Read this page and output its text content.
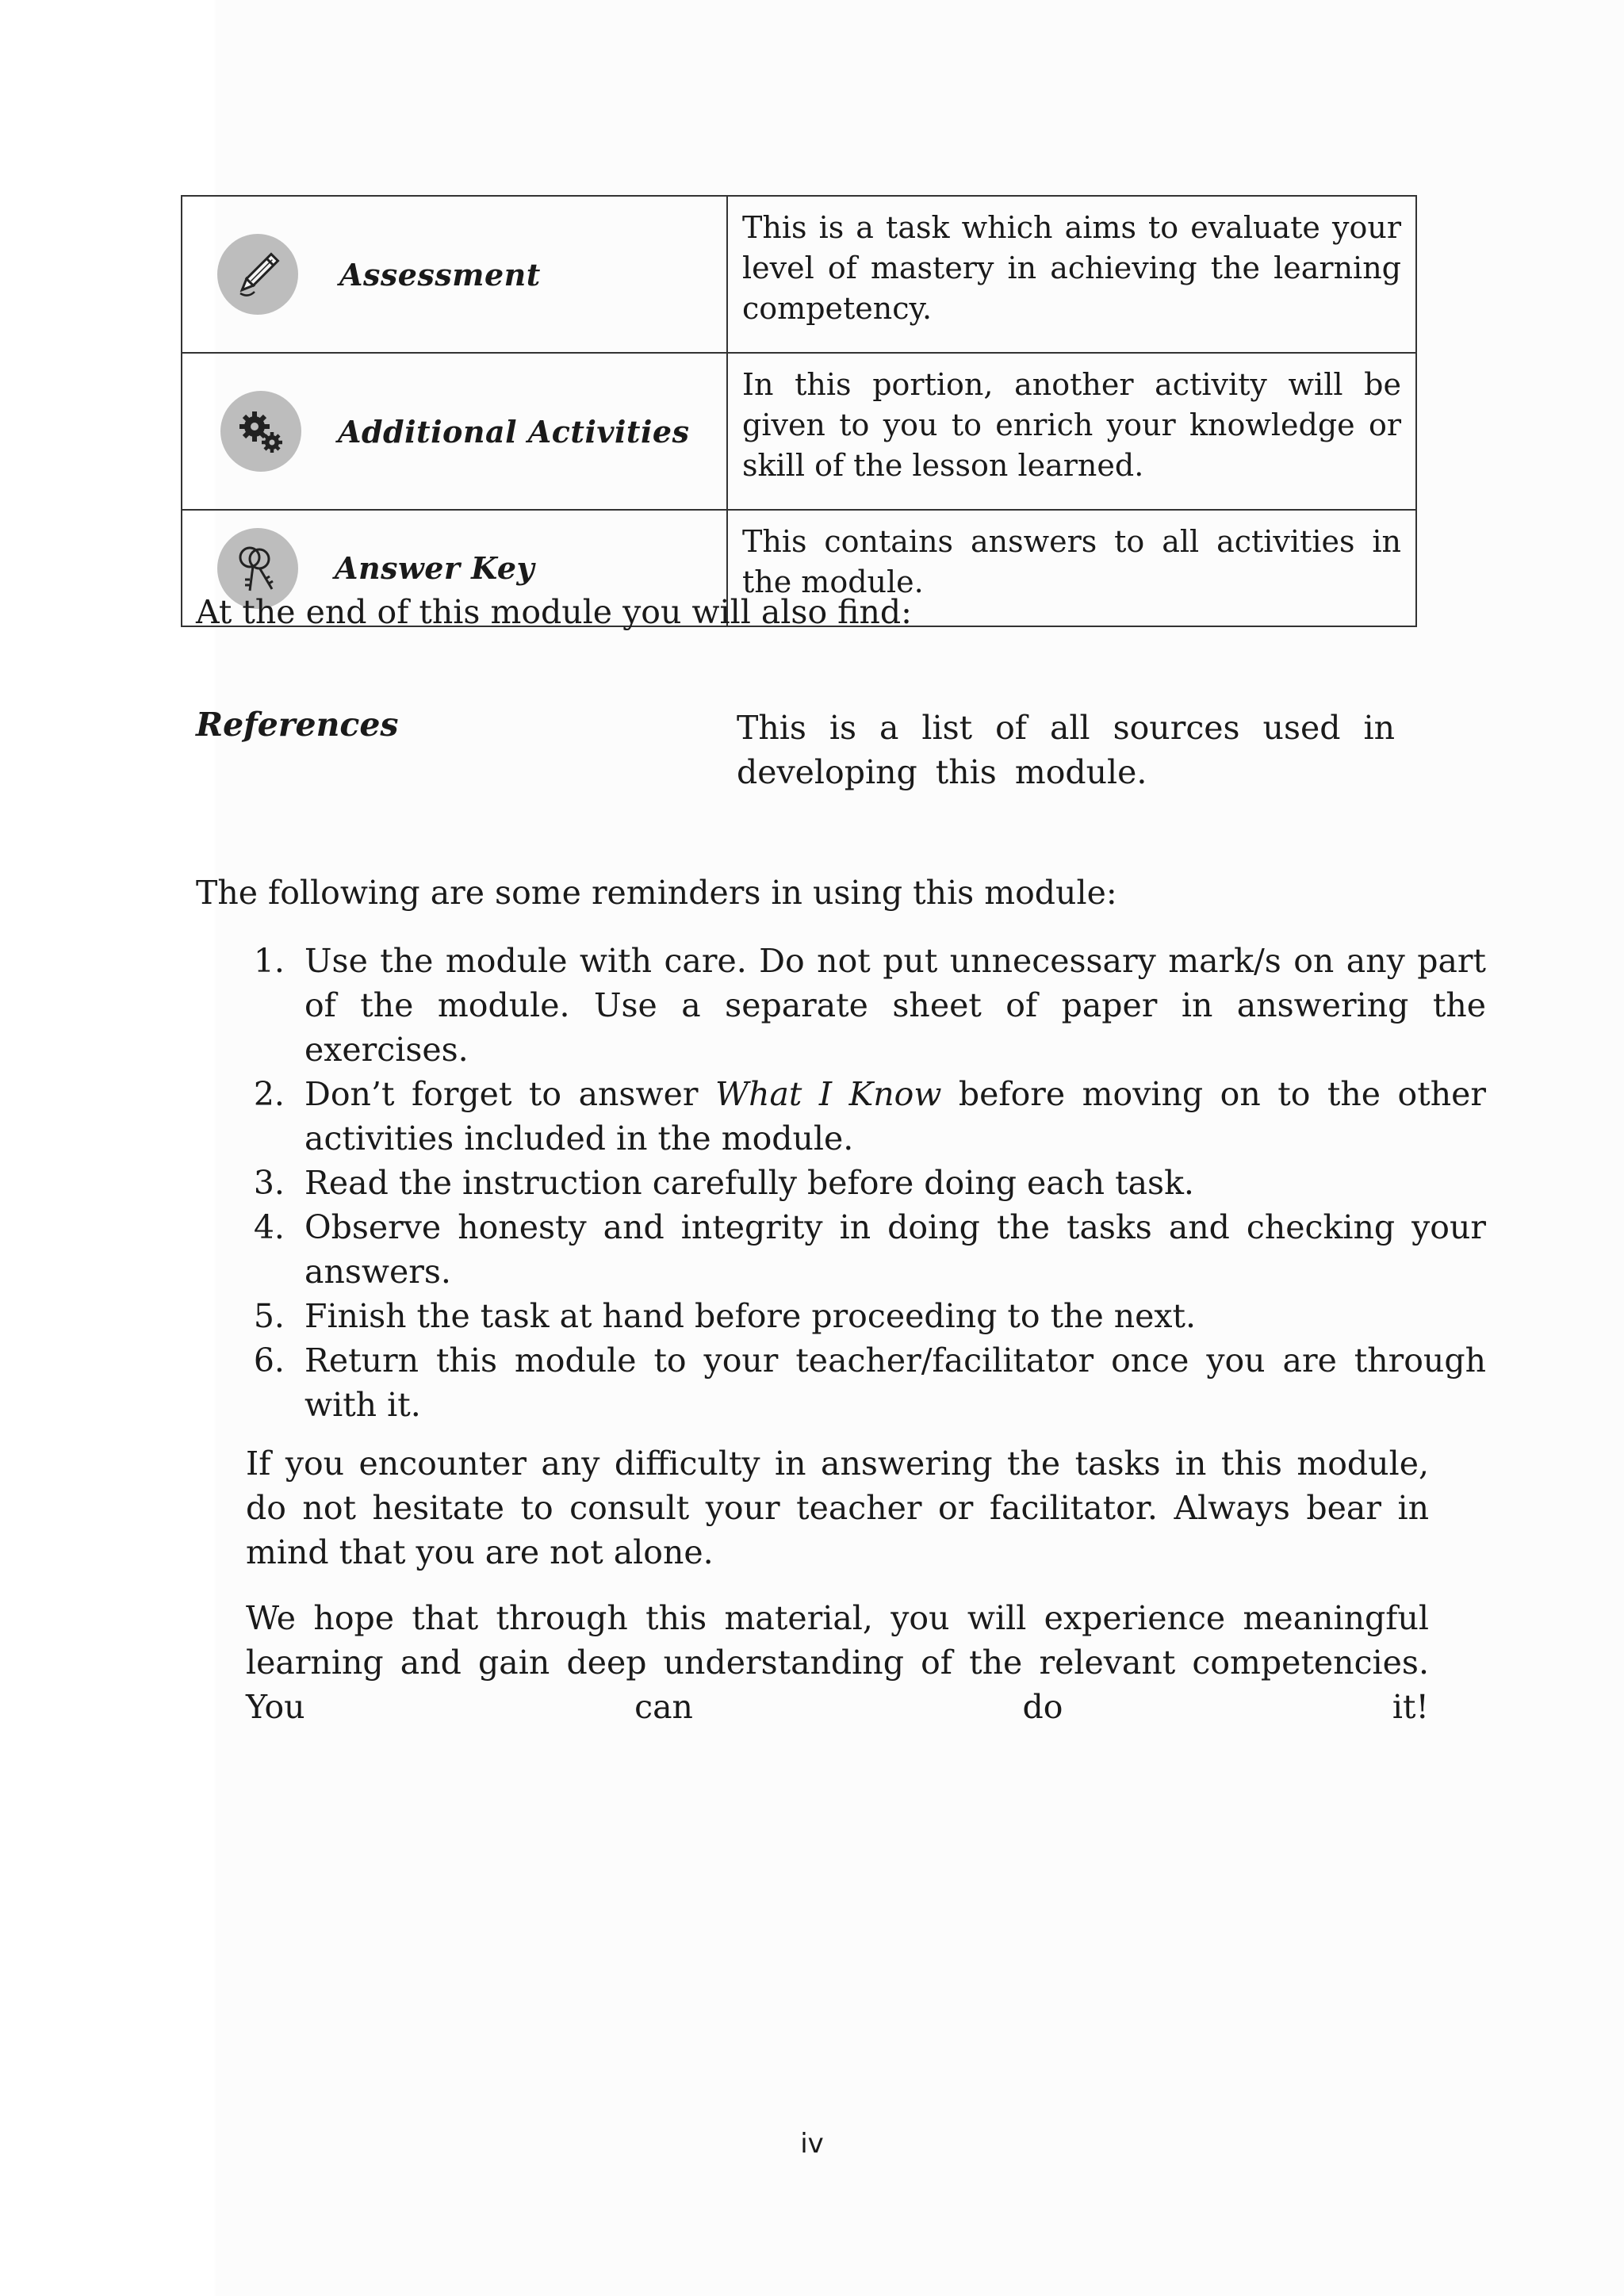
Assessment	This is a task which aims to evaluate your level of mastery in achieving the learning competency.

Additional Activities	In this portion, another activity will be given to you to enrich your knowledge or skill of the lesson learned.

Answer Key	This contains answers to all activities in the module.
At the end of this module you will also find:
References	This is a list of all sources used in developing this module.
The following are some reminders in using this module:
1. Use the module with care. Do not put unnecessary mark/s on any part of the module. Use a separate sheet of paper in answering the exercises.
2. Don’t forget to answer What I Know before moving on to the other activities included in the module.
3. Read the instruction carefully before doing each task.
4. Observe honesty and integrity in doing the tasks and checking your answers.
5. Finish the task at hand before proceeding to the next.
6. Return this module to your teacher/facilitator once you are through with it.
If you encounter any difficulty in answering the tasks in this module, do not hesitate to consult your teacher or facilitator. Always bear in mind that you are not alone.
We hope that through this material, you will experience meaningful learning and gain deep understanding of the relevant competencies. You can do it!
iv
